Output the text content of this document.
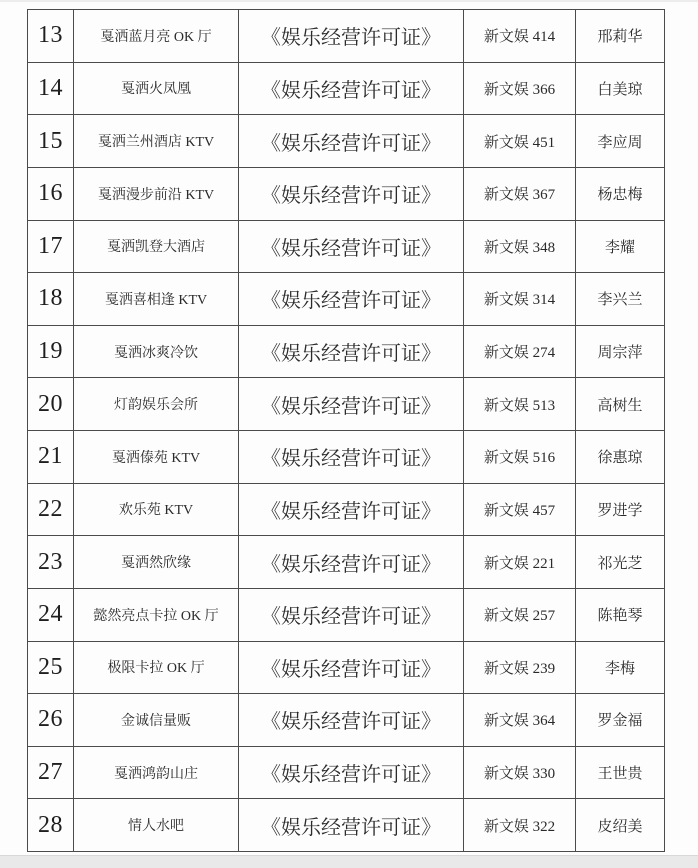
13	戛洒蓝月亮 OK 厅	《娱乐经营许可证》	新文娱 414	邢莉华
14	戛洒火凤凰	《娱乐经营许可证》	新文娱 366	白美琼
15	戛洒兰州酒店 KTV	《娱乐经营许可证》	新文娱 451	李应周
16	戛洒漫步前沿 KTV	《娱乐经营许可证》	新文娱 367	杨忠梅
17	戛洒凯登大酒店	《娱乐经营许可证》	新文娱 348	李耀
18	戛洒喜相逢 KTV	《娱乐经营许可证》	新文娱 314	李兴兰
19	戛洒冰爽冷饮	《娱乐经营许可证》	新文娱 274	周宗萍
20	灯韵娱乐会所	《娱乐经营许可证》	新文娱 513	高树生
21	戛洒傣苑 KTV	《娱乐经营许可证》	新文娱 516	徐惠琼
22	欢乐苑 KTV	《娱乐经营许可证》	新文娱 457	罗进学
23	戛洒然欣缘	《娱乐经营许可证》	新文娱 221	祁光芝
24	懿然亮点卡拉 OK 厅	《娱乐经营许可证》	新文娱 257	陈艳琴
25	极限卡拉 OK 厅	《娱乐经营许可证》	新文娱 239	李梅
26	金诚信量贩	《娱乐经营许可证》	新文娱 364	罗金福
27	戛洒鸿韵山庄	《娱乐经营许可证》	新文娱 330	王世贵
28	情人水吧	《娱乐经营许可证》	新文娱 322	皮绍美
